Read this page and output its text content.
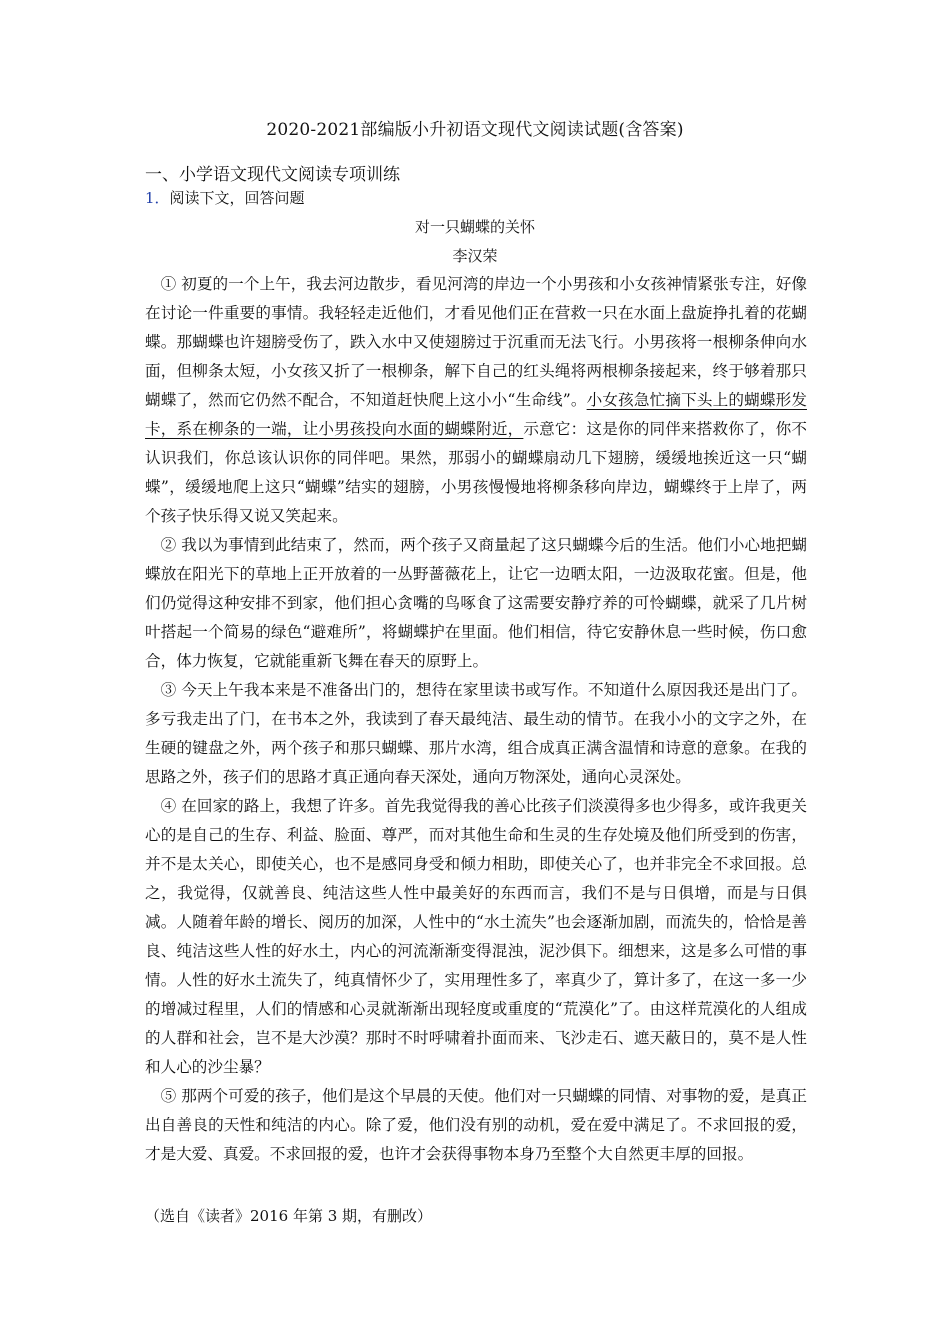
2020-2021部编版小升初语文现代文阅读试题(含答案)
一、小学语文现代文阅读专项训练
1．阅读下文，回答问题
对一只蝴蝶的关怀
李汉荣

① 初夏的一个上午，我去河边散步，看见河湾的岸边一个小男孩和小女孩神情紧张专注，好像在讨论一件重要的事情。我轻轻走近他们，才看见他们正在营救一只在水面上盘旋挣扎着的花蝴蝶。那蝴蝶也许翅膀受伤了，跌入水中又使翅膀过于沉重而无法飞行。小男孩将一根柳条伸向水面，但柳条太短，小女孩又折了一根柳条，解下自己的红头绳将两根柳条接起来，终于够着那只蝴蝶了，然而它仍然不配合，不知道赶快爬上这小小“生命线”。小女孩急忙摘下头上的蝴蝶形发卡，系在柳条的一端，让小男孩投向水面的蝴蝶附近，示意它：这是你的同伴来搭救你了，你不认识我们，你总该认识你的同伴吧。果然，那弱小的蝴蝶扇动几下翅膀，缓缓地挨近这一只“蝴蝶”，缓缓地爬上这只“蝴蝶”结实的翅膀，小男孩慢慢地将柳条移向岸边，蝴蝶终于上岸了，两个孩子快乐得又说又笑起来。

② 我以为事情到此结束了，然而，两个孩子又商量起了这只蝴蝶今后的生活。他们小心地把蝴蝶放在阳光下的草地上正开放着的一丛野蔷薇花上，让它一边晒太阳，一边汲取花蜜。但是，他们仍觉得这种安排不到家，他们担心贪嘴的鸟啄食了这需要安静疗养的可怜蝴蝶，就采了几片树叶搭起一个简易的绿色“避难所”，将蝴蝶护在里面。他们相信，待它安静休息一些时候，伤口愈合，体力恢复，它就能重新飞舞在春天的原野上。

③ 今天上午我本来是不准备出门的，想待在家里读书或写作。不知道什么原因我还是出门了。多亏我走出了门，在书本之外，我读到了春天最纯洁、最生动的情节。在我小小的文字之外，在生硬的键盘之外，两个孩子和那只蝴蝶、那片水湾，组合成真正满含温情和诗意的意象。在我的思路之外，孩子们的思路才真正通向春天深处，通向万物深处，通向心灵深处。

④ 在回家的路上，我想了许多。首先我觉得我的善心比孩子们淡漠得多也少得多，或许我更关心的是自己的生存、利益、脸面、尊严，而对其他生命和生灵的生存处境及他们所受到的伤害，并不是太关心，即使关心，也不是感同身受和倾力相助，即使关心了，也并非完全不求回报。总之，我觉得，仅就善良、纯洁这些人性中最美好的东西而言，我们不是与日俱增，而是与日俱减。人随着年龄的增长、阅历的加深，人性中的“水土流失”也会逐渐加剧，而流失的，恰恰是善良、纯洁这些人性的好水土，内心的河流渐渐变得混浊，泥沙俱下。细想来，这是多么可惜的事情。人性的好水土流失了，纯真情怀少了，实用理性多了，率真少了，算计多了，在这一多一少的增减过程里，人们的情感和心灵就渐渐出现轻度或重度的“荒漠化”了。由这样荒漠化的人组成的人群和社会，岂不是大沙漠？那时不时呼啸着扑面而来、飞沙走石、遮天蔽日的，莫不是人性和人心的沙尘暴？

⑤ 那两个可爱的孩子，他们是这个早晨的天使。他们对一只蝴蝶的同情、对事物的爱，是真正出自善良的天性和纯洁的内心。除了爱，他们没有别的动机，爱在爱中满足了。不求回报的爱，才是大爱、真爱。不求回报的爱，也许才会获得事物本身乃至整个大自然更丰厚的回报。

（选自《读者》2016 年第 3 期，有删改）
